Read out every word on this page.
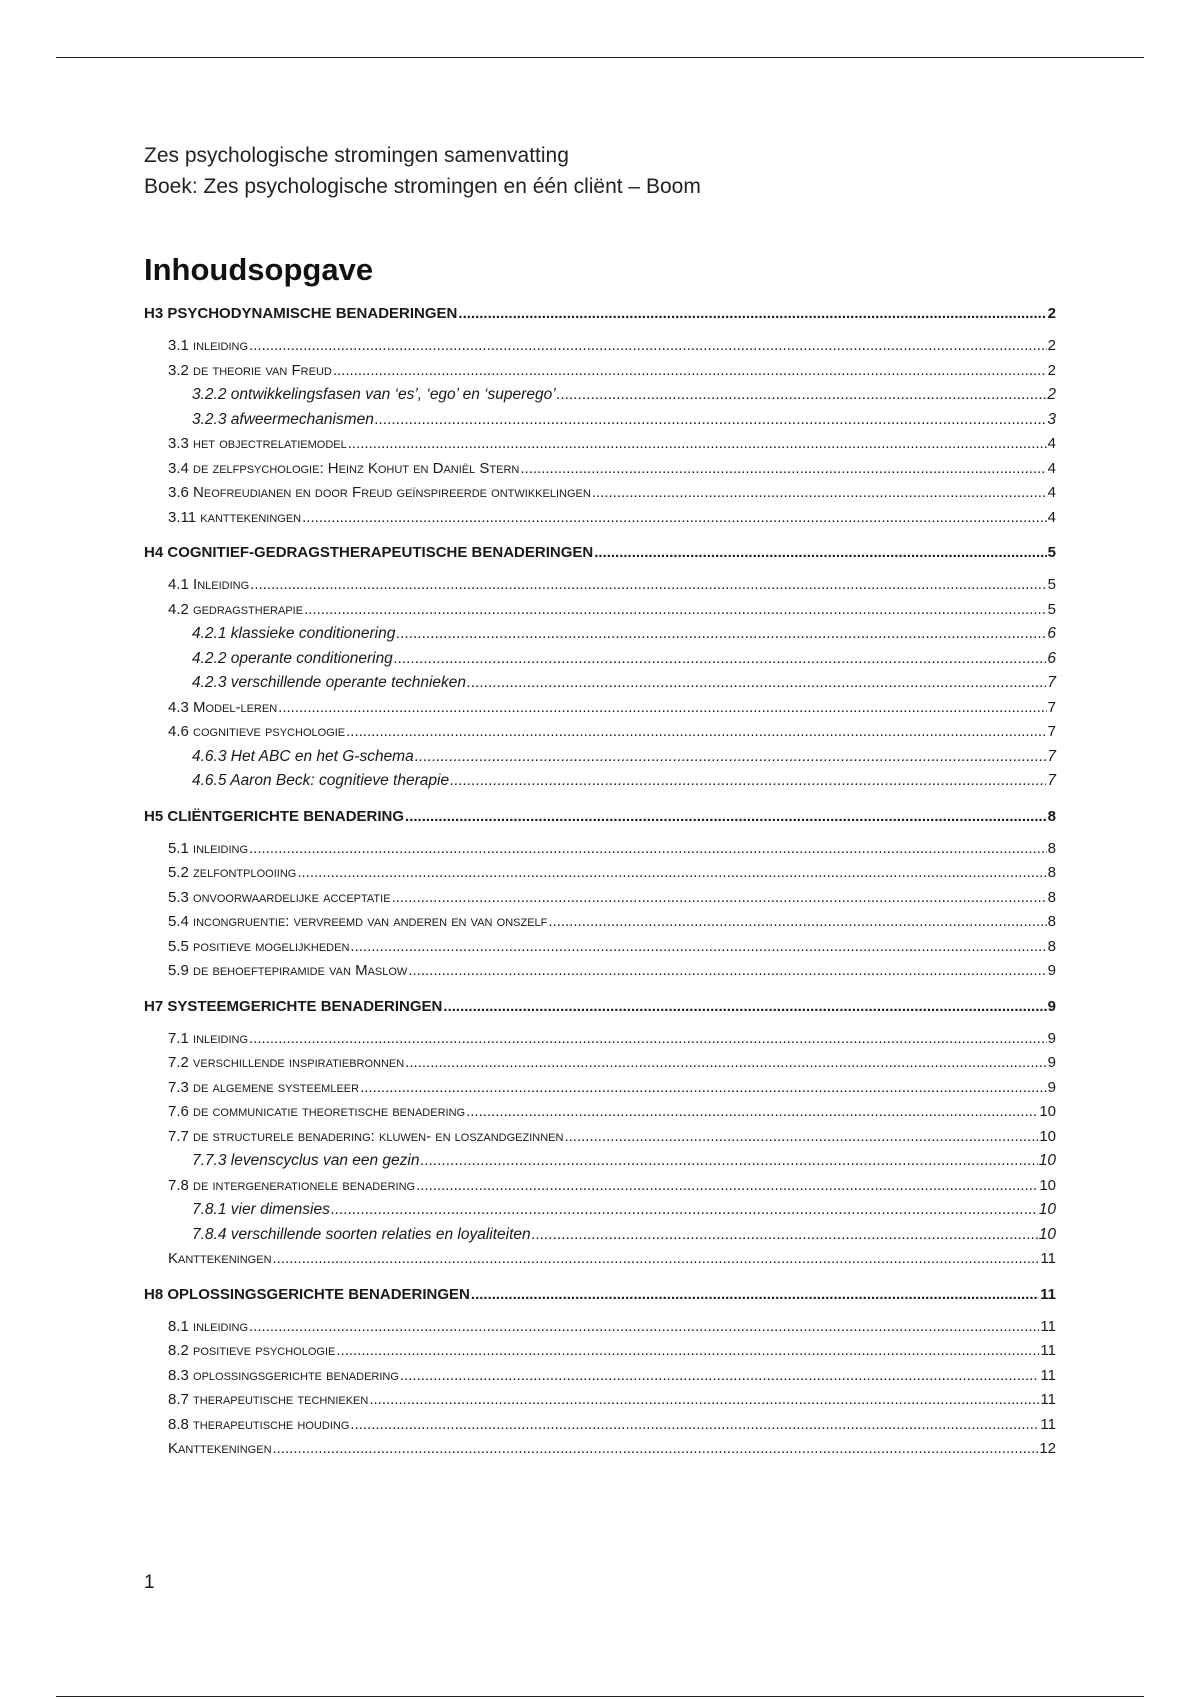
Zes psychologische stromingen samenvatting
Boek: Zes psychologische stromingen en één cliënt – Boom
Inhoudsopgave
H3 PSYCHODYNAMISCHE BENADERINGEN .....	2
3.1 inleiding .....	2
3.2 de theorie van Freud .....	2
3.2.2 ontwikkelingsfasen van ‘es’, ‘ego’ en ‘superego’ .....	2
3.2.3 afweermechanismen .....	3
3.3 het objectrelatiemodel .....	4
3.4 de zelfpsychologie: Heinz Kohut en Daniël Stern .....	4
3.6 Neofreudianen en door Freud geïnspireerde ontwikkelingen .....	4
3.11 kanttekeningen .....	4
H4 COGNITIEF-GEDRAGSTHERAPEUTISCHE BENADERINGEN .....	5
4.1 Inleiding .....	5
4.2 gedragstherapie .....	5
4.2.1 klassieke conditionering .....	6
4.2.2 operante conditionering .....	6
4.2.3 verschillende operante technieken .....	7
4.3 Model-leren .....	7
4.6 cognitieve psychologie .....	7
4.6.3 Het ABC en het G-schema .....	7
4.6.5 Aaron Beck: cognitieve therapie .....	7
H5 CLIËNTGERICHTE BENADERING .....	8
5.1 inleiding .....	8
5.2 zelfontplooiing .....	8
5.3 onvoorwaardelijke acceptatie .....	8
5.4 incongruentie: vervreemd van anderen en van onszelf .....	8
5.5 positieve mogelijkheden .....	8
5.9 de behoeftepiramide van Maslow .....	9
H7 SYSTEEMGERICHTE BENADERINGEN .....	9
7.1 inleiding .....	9
7.2 verschillende inspiratiebronnen .....	9
7.3 de algemene systeemleer .....	9
7.6 de communicatie theoretische benadering .....	10
7.7 de structurele benadering: kluwen- en loszandgezinnen .....	10
7.7.3 levenscyclus van een gezin .....	10
7.8 de intergenerationele benadering .....	10
7.8.1 vier dimensies .....	10
7.8.4 verschillende soorten relaties en loyaliteiten .....	10
Kanttekeningen .....	11
H8 OPLOSSINGSGERICHTE BENADERINGEN .....	11
8.1 inleiding .....	11
8.2 positieve psychologie .....	11
8.3 oplossingsgerichte benadering .....	11
8.7 therapeutische technieken .....	11
8.8 therapeutische houding .....	11
Kanttekeningen .....	12
1
